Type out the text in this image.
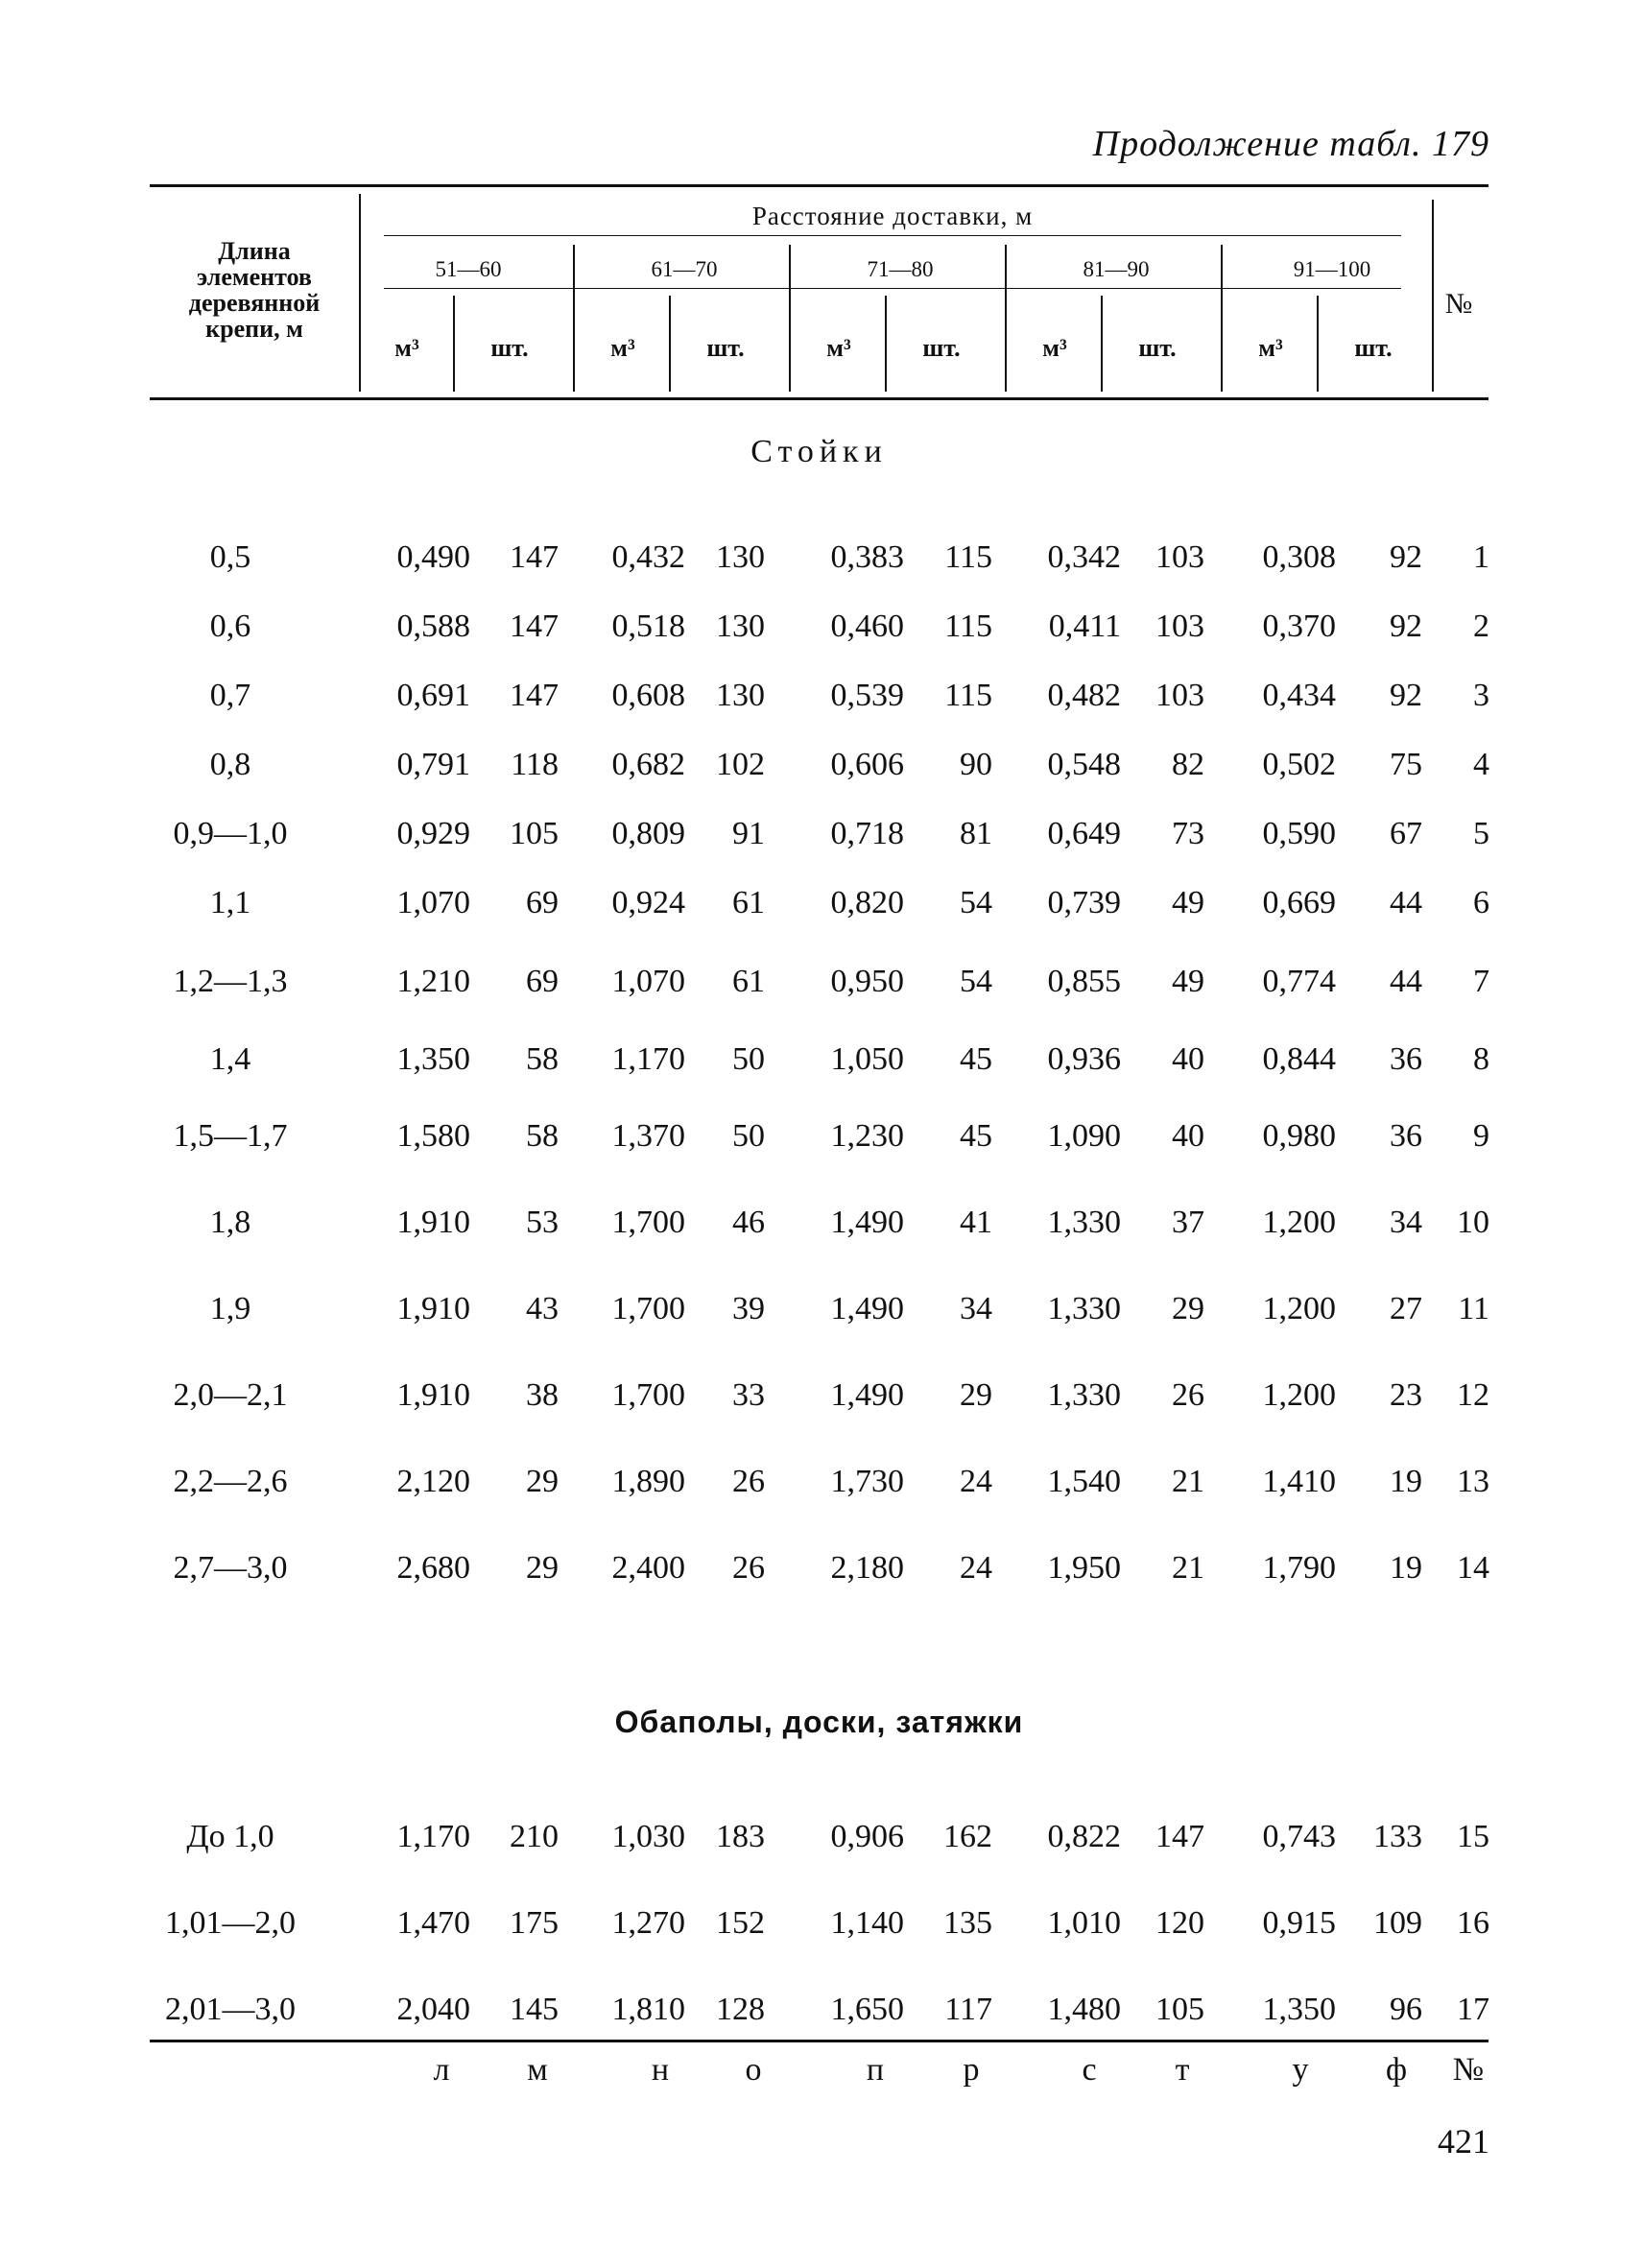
Продолжение табл. 179
Длина
элементов
деревянной
крепи, м
Расстояние доставки, м
№
51—60	61—70	71—80	81—90	91—100
м³	шт.	м³	шт.	м³	шт.	м³	шт.	м³	шт.
Стойки
0,5	0,490	147	0,432 130	0,383	115	0,342	103	0,308	92	1
0,6	0,588	147	0,518 130	0,460	115	0,411	103	0,370	92	2
0,7	0,691	147	0,608 130	0,539	115	0,482	103	0,434	92	3
0,8	0,791	118	0,682 102	0,606	90	0,548	82	0,502	75	4
0,9—1,0	0,929	105	0,809	91	0,718	81	0,649	73	0,590	67	5
1,1	1,070	69	0,924	61	0,820	54	0,739	49	0,669	44	6
1,2—1,3	1,210	69	1,070	61	0,950	54	0,855	49	0,774	44	7
1,4	1,350	58	1,170	50	1,050	45	0,936	40	0,844	36	8
1,5—1,7	1,580	58	1,370	50	1,230	45	1,090	40	0,980	36	9
1,8	1,910	53	1,700	46	1,490	41	1,330	37	1,200	34	10
1,9	1,910	43	1,700	39	1,490	34	1,330	29	1,200	27	11
2,0—2,1	1,910	38	1,700	33	1,490	29	1,330	26	1,200	23	12
2,2—2,6	2,120	29	1,890	26	1,730	24	1,540	21	1,410	19	13
2,7—3,0	2,680	29	2,400	26	2,180	24	1,950	21	1,790	19	14
Обаполы, доски, затяжки
До 1,0	1,170	210	1,030 183	0,906	162	0,822	147	0,743	133	15
1,01—2,0	1,470	175	1,270 152	1,140	135	1,010	120	0,915	109	16
2,01—3,0	2,040	145	1,810 128	1,650	117	1,480	105	1,350	96	17
л	м	н	о	п	р	с	т	у	ф	№
421
